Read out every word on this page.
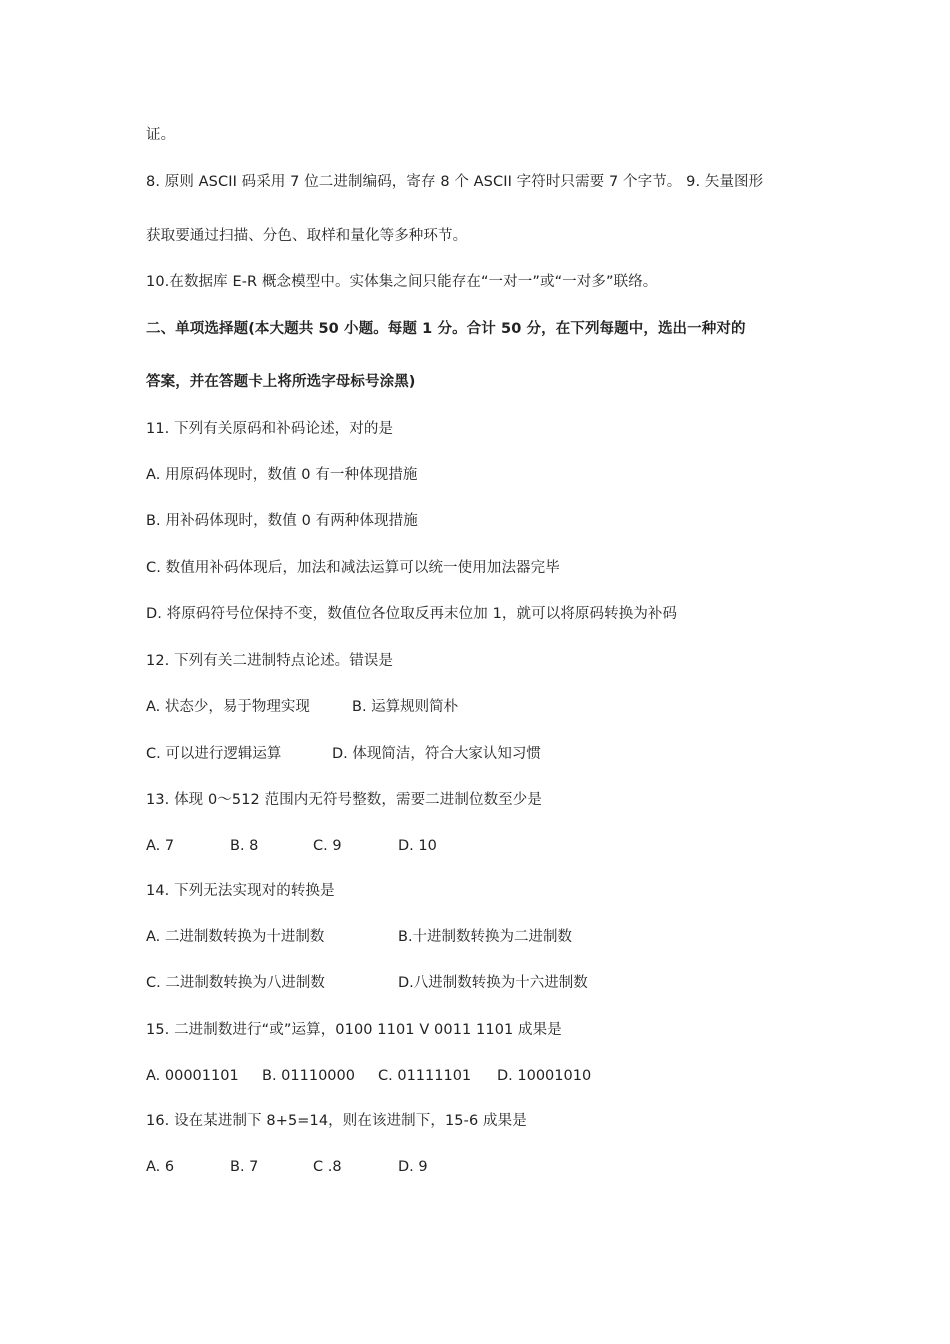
证。
8. 原则 ASCII 码采用 7 位二进制编码，寄存 8 个 ASCII 字符时只需要 7 个字节。 9. 矢量图形
获取要通过扫描、分色、取样和量化等多种环节。
10.在数据库 E-R 概念模型中。实体集之间只能存在“一对一”或“一对多”联络。
二、单项选择题(本大题共 50 小题。每题 1 分。合计 50 分，在下列每题中，选出一种对的
答案，并在答题卡上将所选字母标号涂黑)
11. 下列有关原码和补码论述，对的是
A. 用原码体现时，数值 0 有一种体现措施
B. 用补码体现时，数值 0 有两种体现措施
C. 数值用补码体现后，加法和减法运算可以统一使用加法器完毕
D. 将原码符号位保持不变，数值位各位取反再末位加 1，就可以将原码转换为补码
12. 下列有关二进制特点论述。错误是
A. 状态少，易于物理实现	B. 运算规则简朴
C. 可以进行逻辑运算	D. 体现简洁，符合大家认知习惯
13. 体现 0～512 范围内无符号整数，需要二进制位数至少是
A. 7	B. 8	C. 9	D. 10
14. 下列无法实现对的转换是
A. 二进制数转换为十进制数	B.十进制数转换为二进制数
C. 二进制数转换为八进制数	D.八进制数转换为十六进制数
15. 二进制数进行“或”运算，0100 1101 V 0011 1101 成果是
A. 00001101 B. 01110000 C. 01111101 D. 10001010
16. 设在某进制下 8+5=14，则在该进制下，15-6 成果是
A. 6	B. 7	C .8	D. 9
